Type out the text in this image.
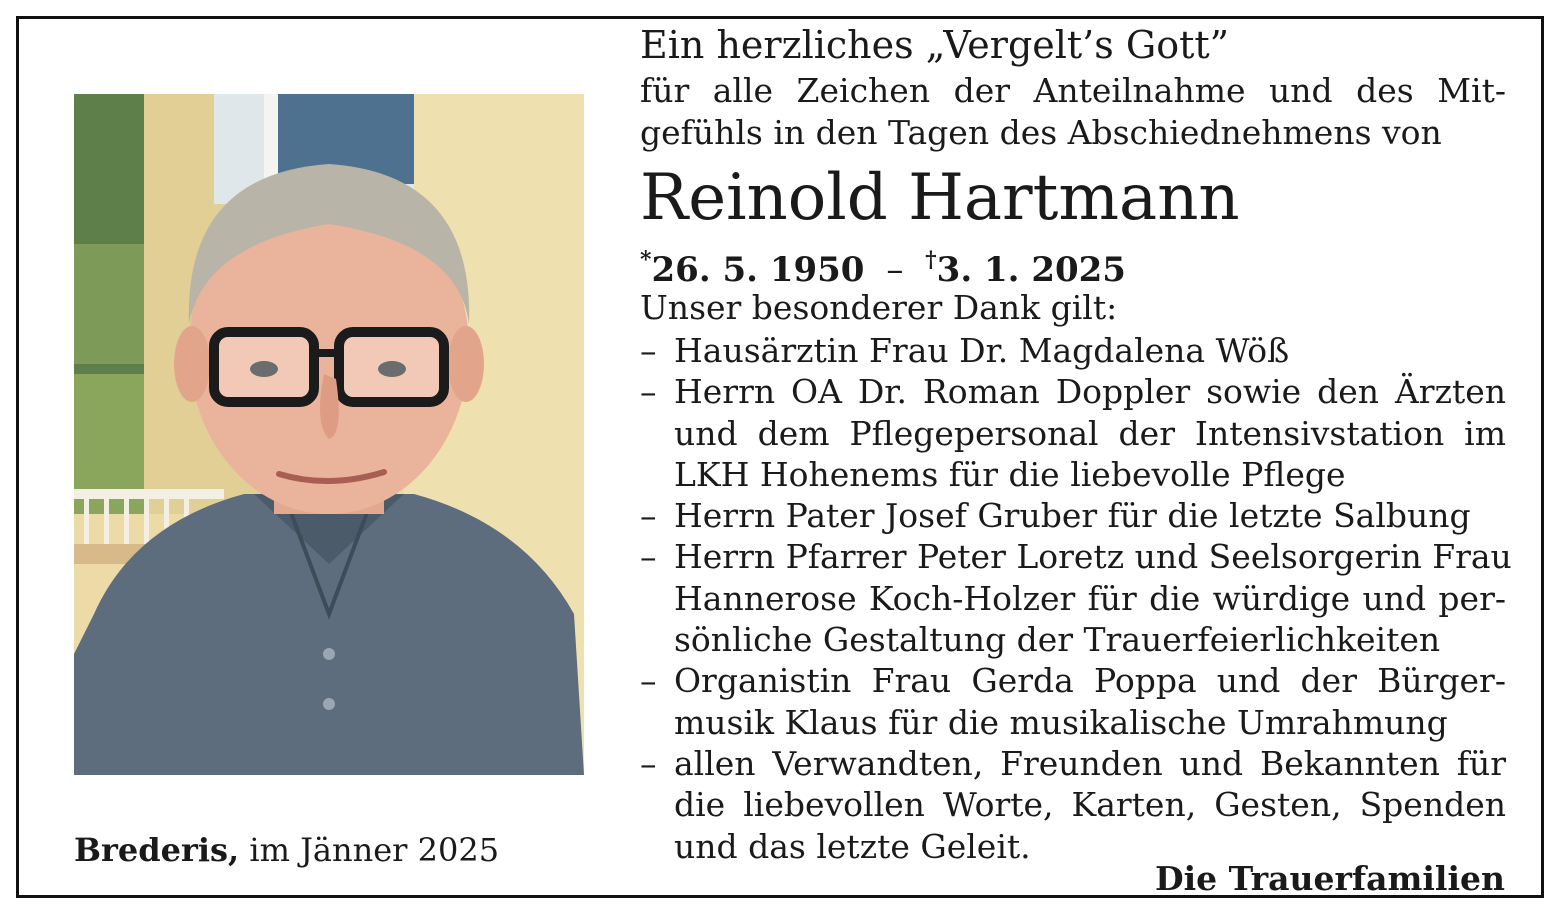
Brederis, im Jänner 2025
Ein herzliches „Vergelt’s Gott”
für alle Zeichen der Anteilnahme und des Mit-
gefühls in den Tagen des Abschiednehmens von
Reinold Hartmann
*26. 5. 1950 – †3. 1. 2025
Unser besonderer Dank gilt:
– Hausärztin Frau Dr. Magdalena Wöß
– Herrn OA Dr. Roman Doppler sowie den Ärzten
und dem Pflegepersonal der Intensivstation im
LKH Hohenems für die liebevolle Pflege
– Herrn Pater Josef Gruber für die letzte Salbung
– Herrn Pfarrer Peter Loretz und Seelsorgerin Frau
Hannerose Koch-Holzer für die würdige und per-
sönliche Gestaltung der Trauerfeierlichkeiten
– Organistin Frau Gerda Poppa und der Bürger-
musik Klaus für die musikalische Umrahmung
– allen Verwandten, Freunden und Bekannten für
die liebevollen Worte, Karten, Gesten, Spenden
und das letzte Geleit.
Die Trauerfamilien
